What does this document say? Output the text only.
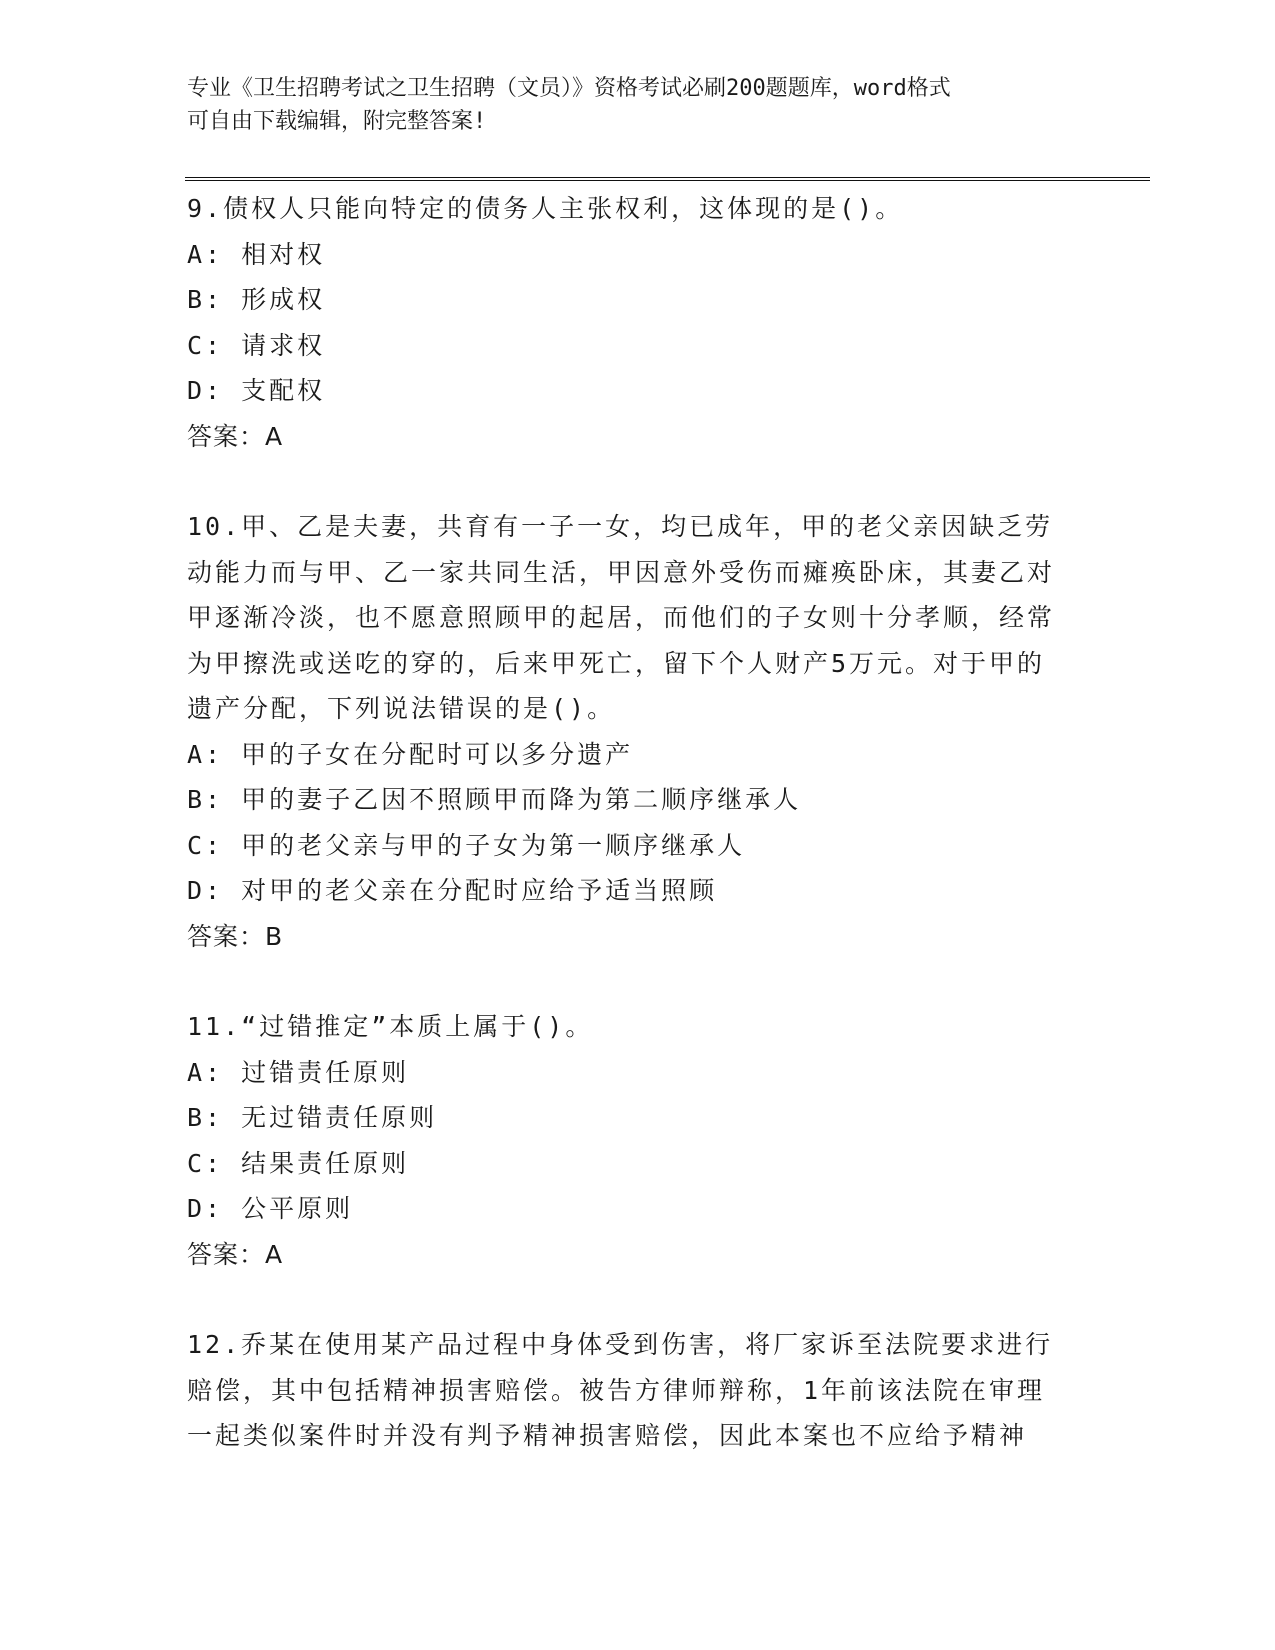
专业《卫生招聘考试之卫生招聘（文员）》资格考试必刷200题题库，word格式
可自由下载编辑，附完整答案!

9.债权人只能向特定的债务人主张权利，这体现的是()。

A: 相对权

B: 形成权

C: 请求权

D: 支配权

答案：A

10.甲、乙是夫妻，共育有一子一女，均已成年，甲的老父亲因缺乏劳动能力而与甲、乙一家共同生活，甲因意外受伤而瘫痪卧床，其妻乙对甲逐渐冷淡，也不愿意照顾甲的起居，而他们的子女则十分孝顺，经常为甲擦洗或送吃的穿的，后来甲死亡，留下个人财产5万元。对于甲的遗产分配，下列说法错误的是()。

A: 甲的子女在分配时可以多分遗产

B: 甲的妻子乙因不照顾甲而降为第二顺序继承人

C: 甲的老父亲与甲的子女为第一顺序继承人

D: 对甲的老父亲在分配时应给予适当照顾

答案：B

11.“过错推定”本质上属于()。

A: 过错责任原则

B: 无过错责任原则

C: 结果责任原则

D: 公平原则

答案：A

12.乔某在使用某产品过程中身体受到伤害，将厂家诉至法院要求进行赔偿，其中包括精神损害赔偿。被告方律师辩称，1年前该法院在审理一起类似案件时并没有判予精神损害赔偿，因此本案也不应给予精神
